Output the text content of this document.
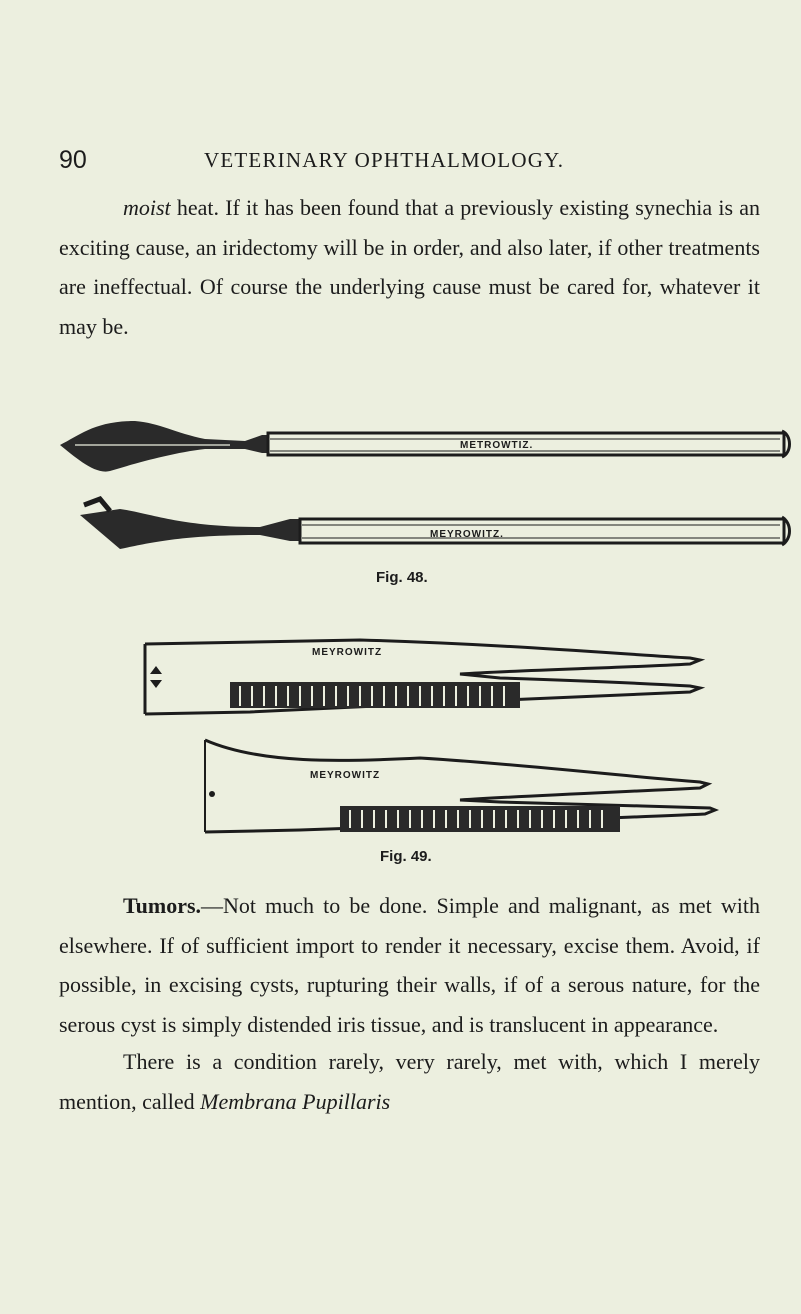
90	VETERINARY OPHTHALMOLOGY.

moist heat. If it has been found that a previously existing synechia is an exciting cause, an iridectomy will be in order, and also later, if other treatments are ineffectual. Of course the underlying cause must be cared for, whatever it may be.

METROWTIZ.
MEYROWITZ.
Fig. 48.
MEYROWITZ
MEYROWITZ
Fig. 49.

Tumors.—Not much to be done. Simple and malignant, as met with elsewhere. If of sufficient import to render it necessary, excise them. Avoid, if possible, in excising cysts, rupturing their walls, if of a serous nature, for the serous cyst is simply distended iris tissue, and is translucent in appearance.

There is a condition rarely, very rarely, met with, which I merely mention, called Membrana Pupillaris
